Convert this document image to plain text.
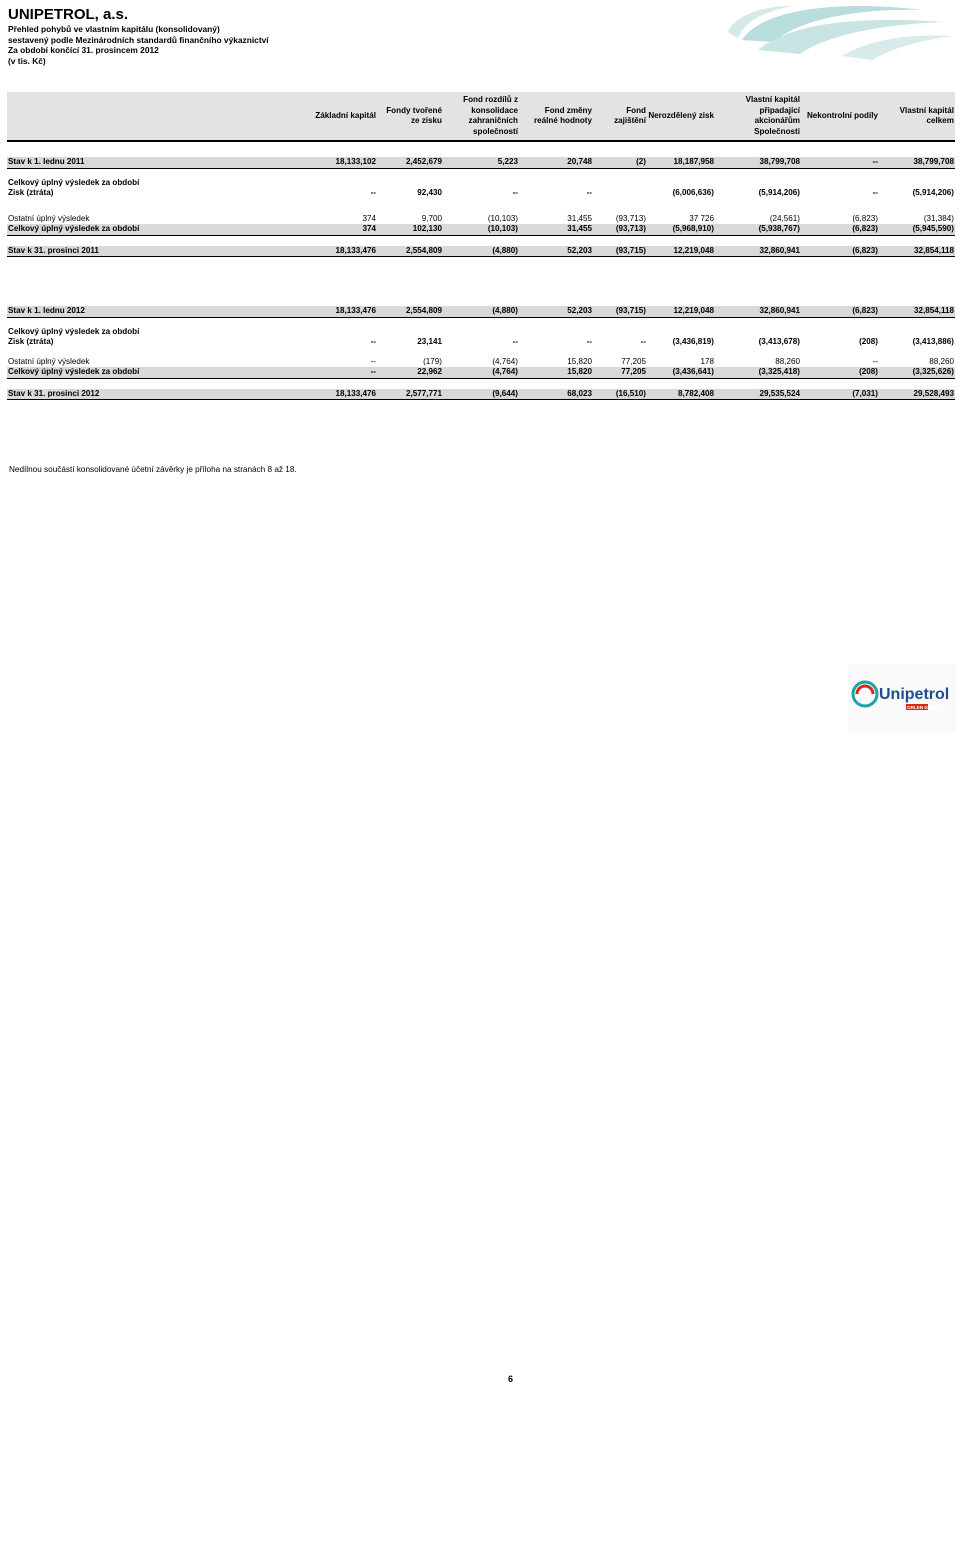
UNIPETROL, a.s.
Přehled pohybů ve vlastním kapitálu (konsolidovaný)
sestavený podle Mezinárodních standardů finančního výkaznictví
Za období končící 31. prosincem 2012
(v tis. Kč)
	Základní kapitál	Fondy tvořené ze zisku	Fond rozdílů z konsolidace zahraničních společností	Fond změny reálné hodnoty	Fond zajištění	Nerozdělený zisk	Vlastní kapitál připadající akcionářům Společnosti	Nekontrolní podíly	Vlastní kapitál celkem

Stav k 1. lednu 2011	18,133,102	2,452,679	5,223	20,748	(2)	18,187,958	38,799,708	--	38,799,708

Celkový úplný výsledek za období									
Zisk (ztráta)	--	92,430	--	--		(6,006,636)	(5,914,206)	--	(5,914,206)

Ostatní úplný výsledek	374	9,700	(10,103)	31,455	(93,713)	37 726	(24,561)	(6,823)	(31,384)
Celkový úplný výsledek za období	374	102,130	(10,103)	31,455	(93,713)	(5,968,910)	(5,938,767)	(6,823)	(5,945,590)

Stav k 31. prosinci 2011	18,133,476	2,554,809	(4,880)	52,203	(93,715)	12,219,048	32,860,941	(6,823)	32,854,118

Stav k 1. lednu 2012	18,133,476	2,554,809	(4,880)	52,203	(93,715)	12,219,048	32,860,941	(6,823)	32,854,118

Celkový úplný výsledek za období									
Zisk (ztráta)	--	23,141	--	--	--	(3,436,819)	(3,413,678)	(208)	(3,413,886)

Ostatní úplný výsledek	--	(179)	(4,764)	15,820	77,205	178	88,260	--	88,260
Celkový úplný výsledek za období	--	22,962	(4,764)	15,820	77,205	(3,436,641)	(3,325,418)	(208)	(3,325,626)

Stav k 31. prosinci 2012	18,133,476	2,577,771	(9,644)	68,023	(16,510)	8,782,408	29,535,524	(7,031)	29,528,493
Nedílnou součástí konsolidované účetní závěrky je příloha na stranách 8 až 18.
Unipetrol
ORLEN GROUP
6
